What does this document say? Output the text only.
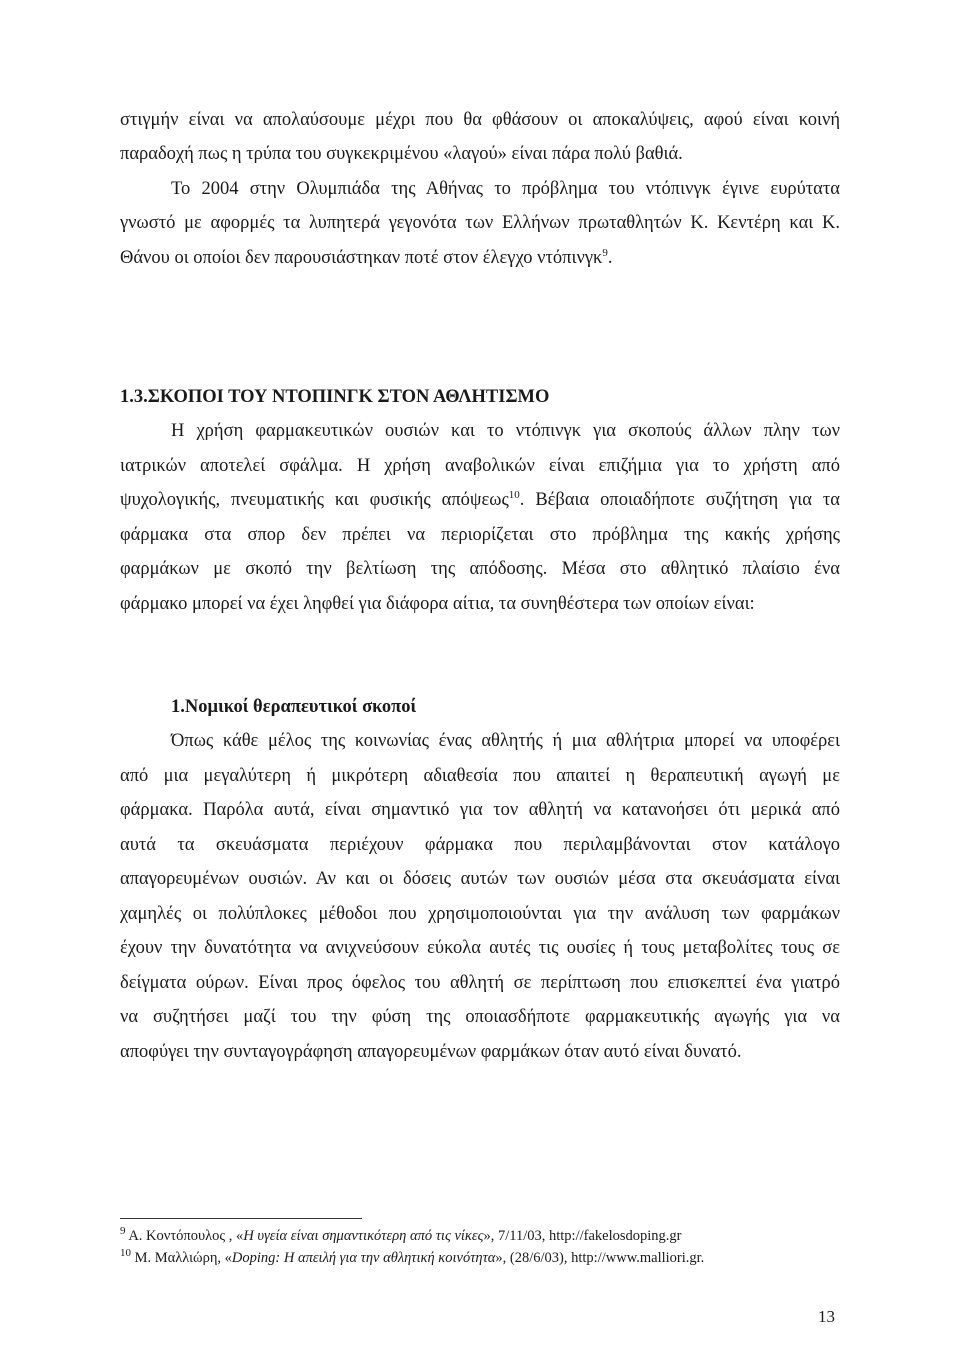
στιγμήν είναι να απολαύσουμε μέχρι που θα φθάσουν οι αποκαλύψεις, αφού είναι κοινή
παραδοχή πως η τρύπα του συγκεκριμένου «λαγού» είναι πάρα πολύ βαθιά.
Το 2004 στην Ολυμπιάδα της Αθήνας το πρόβλημα του ντόπινγκ έγινε ευρύτατα
γνωστό με αφορμές τα λυπητερά γεγονότα των Ελλήνων πρωταθλητών Κ. Κεντέρη και Κ.
Θάνου οι οποίοι δεν παρουσιάστηκαν ποτέ στον έλεγχο ντόπινγκ$^9$.
1.3.ΣΚΟΠΟΙ ΤΟΥ ΝΤΟΠΙΝΓΚ ΣΤΟΝ ΑΘΛΗΤΙΣΜΟ
Η χρήση φαρμακευτικών ουσιών και το ντόπινγκ για σκοπούς άλλων πλην των
ιατρικών αποτελεί σφάλμα. Η χρήση αναβολικών είναι επιζήμια για το χρήστη από
ψυχολογικής, πνευματικής και φυσικής απόψεως$^{10}$. Βέβαια οποιαδήποτε συζήτηση για τα
φάρμακα στα σπορ δεν πρέπει να περιορίζεται στο πρόβλημα της κακής χρήσης
φαρμάκων με σκοπό την βελτίωση της απόδοσης. Μέσα στο αθλητικό πλαίσιο ένα
φάρμακο μπορεί να έχει ληφθεί για διάφορα αίτια, τα συνηθέστερα των οποίων είναι:
1.Νομικοί θεραπευτικοί σκοποί
Όπως κάθε μέλος της κοινωνίας ένας αθλητής ή μια αθλήτρια μπορεί να υποφέρει
από μια μεγαλύτερη ή μικρότερη αδιαθεσία που απαιτεί η θεραπευτική αγωγή με
φάρμακα. Παρόλα αυτά, είναι σημαντικό για τον αθλητή να κατανοήσει ότι μερικά από
αυτά τα σκευάσματα περιέχουν φάρμακα που περιλαμβάνονται στον κατάλογο
απαγορευμένων ουσιών. Αν και οι δόσεις αυτών των ουσιών μέσα στα σκευάσματα είναι
χαμηλές οι πολύπλοκες μέθοδοι που χρησιμοποιούνται για την ανάλυση των φαρμάκων
έχουν την δυνατότητα να ανιχνεύσουν εύκολα αυτές τις ουσίες ή τους μεταβολίτες τους σε
δείγματα ούρων. Είναι προς όφελος του αθλητή σε περίπτωση που επισκεπτεί ένα γιατρό
να συζητήσει μαζί του την φύση της οποιασδήποτε φαρμακευτικής αγωγής για να
αποφύγει την συνταγογράφηση απαγορευμένων φαρμάκων όταν αυτό είναι δυνατό.
$^9$ Α. Κοντόπουλος , «Η υγεία είναι σημαντικότερη από τις νίκες», 7/11/03, http://fakelosdoping.gr
$^{10}$ Μ. Μαλλιώρη, «Doping: Η απειλή για την αθλητική κοινότητα», (28/6/03), http://www.malliori.gr.
13
